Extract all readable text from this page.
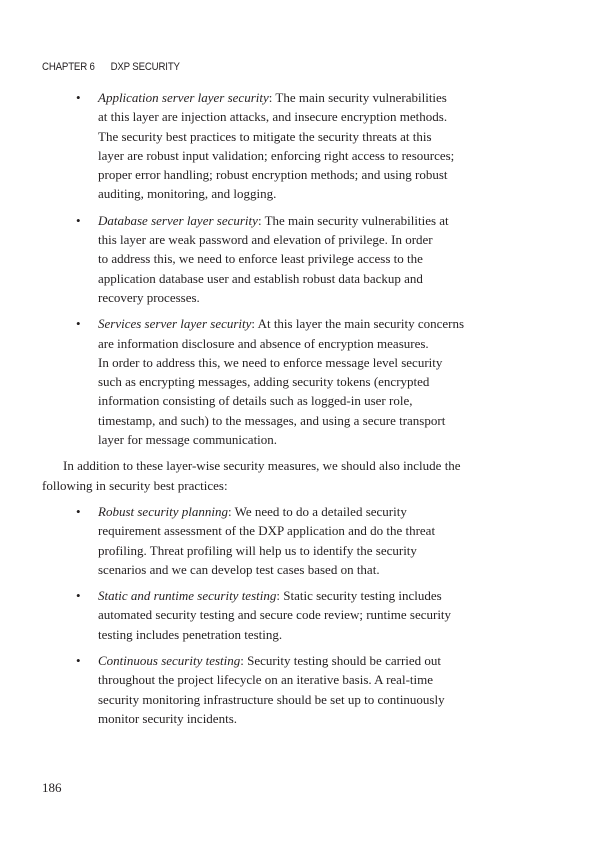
CHAPTER 6 DXP SECURITY
• Application server layer security: The main security vulnerabilities
at this layer are injection attacks, and insecure encryption methods.
The security best practices to mitigate the security threats at this
layer are robust input validation; enforcing right access to resources;
proper error handling; robust encryption methods; and using robust
auditing, monitoring, and logging.
• Database server layer security: The main security vulnerabilities at
this layer are weak password and elevation of privilege. In order
to address this, we need to enforce least privilege access to the
application database user and establish robust data backup and
recovery processes.
• Services server layer security: At this layer the main security concerns
are information disclosure and absence of encryption measures.
In order to address this, we need to enforce message level security
such as encrypting messages, adding security tokens (encrypted
information consisting of details such as logged-in user role,
timestamp, and such) to the messages, and using a secure transport
layer for message communication.
In addition to these layer-wise security measures, we should also include the
following in security best practices:
• Robust security planning: We need to do a detailed security
requirement assessment of the DXP application and do the threat
profiling. Threat profiling will help us to identify the security
scenarios and we can develop test cases based on that.
• Static and runtime security testing: Static security testing includes
automated security testing and secure code review; runtime security
testing includes penetration testing.
• Continuous security testing: Security testing should be carried out
throughout the project lifecycle on an iterative basis. A real-time
security monitoring infrastructure should be set up to continuously
monitor security incidents.
186
